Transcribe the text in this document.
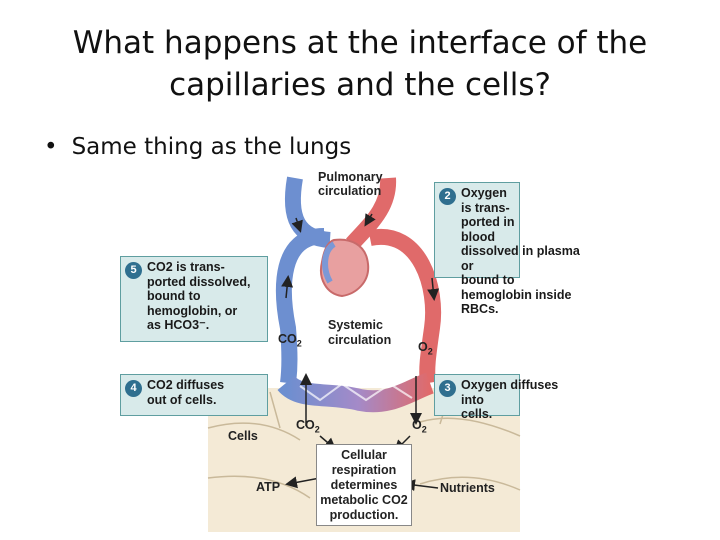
What happens at the interface of the
capillaries and the cells?
• Same thing as the lungs
Pulmonary
circulation	2 Oxygen is trans-
ported in blood
dissolved in plasma
or bound to
hemoglobin inside
RBCs.
5 CO2 is trans-
ported dissolved,
bound to
hemoglobin, or
as HCO3⁻.
$CO_2$
Systemic
circulation $O_2$
4 CO2 diffuses
out of cells.
3 Oxygen diffuses
into cells.
$CO_2$	$O_2$
Cells
Cellular
respiration
determines
metabolic CO2
production.
ATP	Nutrients
